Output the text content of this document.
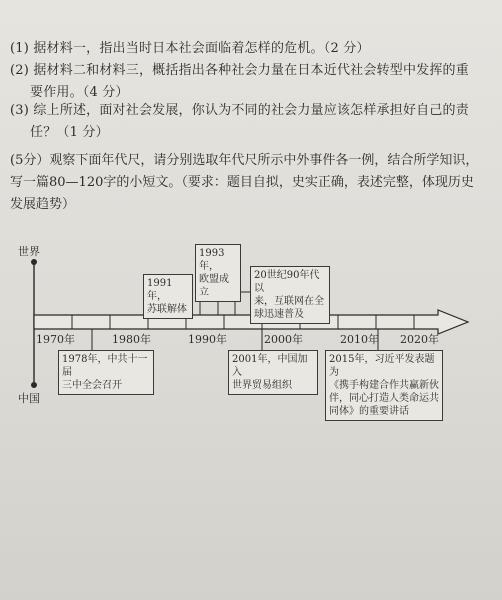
(1) 据材料一，指出当时日本社会面临着怎样的危机。（2 分）
(2) 据材料二和材料三，概括指出各种社会力量在日本近代社会转型中发挥的重
要作用。（4 分）
(3) 综上所述，面对社会发展，你认为不同的社会力量应该怎样承担好自己的责
任？（1 分）
(5分）观察下面年代尺，请分别选取年代尺所示中外事件各一例，结合所学知识，
写一篇80—120字的小短文。（要求：题目自拟，史实正确，表述完整，体现历史
发展趋势）
世界
中国
1970年	1980年	1990年	2000年	2010年 2020年
1991年，
苏联解体
1993年，
欧盟成立
20世纪90年代以
来，互联网在全
球迅速普及
1978年，中共十一届
三中全会召开
2001年，中国加入
世界贸易组织
2015年，习近平发表题为
《携手构建合作共赢新伙
伴，同心打造人类命运共
同体》的重要讲话
